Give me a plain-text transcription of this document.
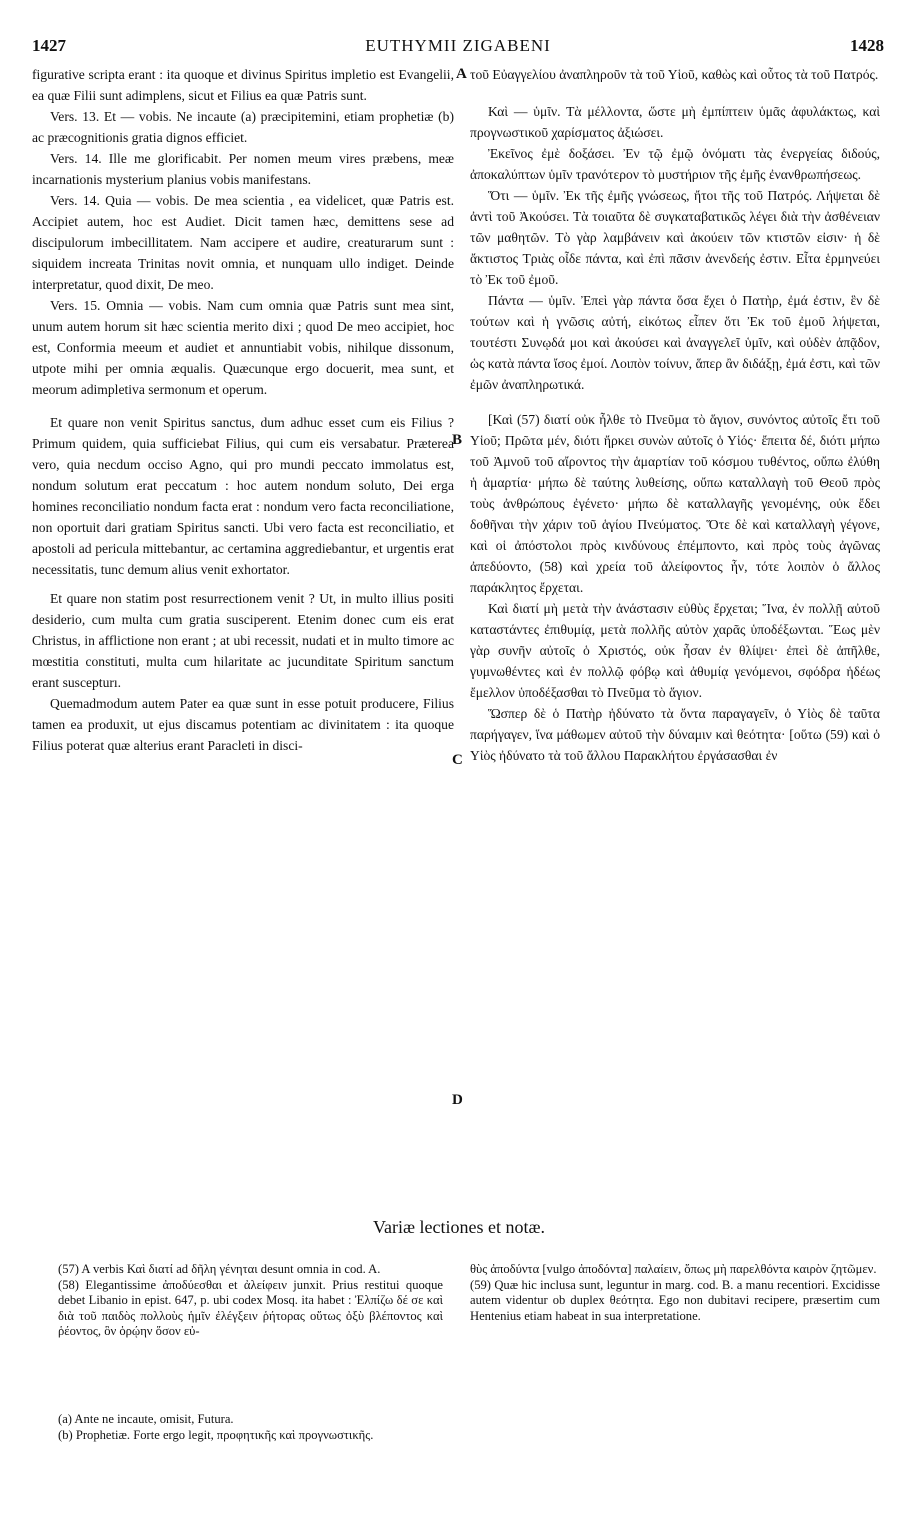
1427	EUTHYMII ZIGABENI	1428

figurative scripta erant : ita quoque et divinus Spiritus impletio est Evangelii, ea quæ Filii sunt adimplens, sicut et Filius ea quæ Patris sunt.

Vers. 13. Et — vobis. Ne incaute (a) præcipitemini, etiam prophetiæ (b) ac præcognitionis gratia dignos efficiet.

Vers. 14. Ille me glorificabit. Per nomen meum vires præbens, meæ incarnationis mysterium planius vobis manifestans.

Vers. 14. Quia — vobis. De mea scientia , ea videlicet, quæ Patris est. Accipiet autem, hoc est Audiet. Dicit tamen hæc, demittens sese ad discipulorum imbecillitatem. Nam accipere et audire, creaturarum sunt : siquidem increata Trinitas novit omnia, et nunquam ullo indiget. Deinde interpretatur, quod dixit, De meo.

Vers. 15. Omnia — vobis. Nam cum omnia quæ Patris sunt mea sint, unum autem horum sit hæc scientia merito dixi ; quod De meo accipiet, hoc est, Conformia meeum et audiet et annuntiabit vobis, nihilque dissonum, utpote mihi per omnia æqualis. Quæcunque ergo docuerit, mea sunt, et meorum adimpletiva sermonum et operum.

Et quare non venit Spiritus sanctus, dum adhuc esset cum eis Filius ? Primum quidem, quia sufficiebat Filius, qui cum eis versabatur. Præterea vero, quia necdum occiso Agno, qui pro mundi peccato immolatus est, nondum solutum erat peccatum : hoc autem nondum soluto, Dei erga homines reconciliatio nondum facta erat : nondum vero facta reconciliatione, non oportuit dari gratiam Spiritus sancti. Ubi vero facta est reconciliatio, et apostoli ad pericula mittebantur, ac certamina aggrediebantur, et urgentis erat necessitatis, tunc demum alius venit exhortator.

Et quare non statim post resurrectionem venit ? Ut, in multo illius positi desiderio, cum multa cum gratia susciperent. Etenim donec cum eis erat Christus, in afflictione non erant ; at ubi recessit, nudati et in multo timore ac mœstitia constituti, multa cum hilaritate ac jucunditate Spiritum sanctum erant suscepturı.

Quemadmodum autem Pater ea quæ sunt in esse potuit producere, Filius tamen ea produxit, ut ejus discamus potentiam ac divinitatem : ita quoque Filius poterat quæ alterius erant Paracleti in disci-

A
B
C
D

τοῦ Εὐαγγελίου ἀναπληροῦν τὰ τοῦ Υἱοῦ, καθὼς καὶ οὗτος τὰ τοῦ Πατρός.

Καὶ — ὑμῖν. Τὰ μέλλοντα, ὥστε μὴ ἐμπίπτειν ὑμᾶς ἀφυλάκτως, καὶ προγνωστικοῦ χαρίσματος ἀξιώσει.

Ἐκεῖνος ἐμὲ δοξάσει. Ἐν τῷ ἐμῷ ὀνόματι τὰς ἐνεργείας διδούς, ἀποκαλύπτων ὑμῖν τρανότερον τὸ μυστήριον τῆς ἐμῆς ἐνανθρωπήσεως.

Ὅτι — ὑμῖν. Ἐκ τῆς ἐμῆς γνώσεως, ἤτοι τῆς τοῦ Πατρός. Λήψεται δὲ ἀντὶ τοῦ Ἀκούσει. Τὰ τοιαῦτα δὲ συγκαταβατικῶς λέγει διὰ τὴν ἀσθένειαν τῶν μαθητῶν. Τὸ γὰρ λαμβάνειν καὶ ἀκούειν τῶν κτιστῶν εἰσιν· ἡ δὲ ἄκτιστος Τριὰς οἶδε πάντα, καὶ ἐπὶ πᾶσιν ἀνενδεής ἐστιν. Εἶτα ἑρμηνεύει τὸ Ἐκ τοῦ ἐμοῦ.

Πάντα — ὑμῖν. Ἐπεὶ γὰρ πάντα ὅσα ἔχει ὁ Πατὴρ, ἐμά ἐστιν, ἓν δὲ τούτων καὶ ἡ γνῶσις αὐτή, εἰκότως εἶπεν ὅτι Ἐκ τοῦ ἐμοῦ λήψεται, τουτέστι Συνῳδά μοι καὶ ἀκούσει καὶ ἀναγγελεῖ ὑμῖν, καὶ οὐδὲν ἀπᾷδον, ὡς κατὰ πάντα ἴσος ἐμοί. Λοιπὸν τοίνυν, ἅπερ ἂν διδάξῃ, ἐμά ἐστι, καὶ τῶν ἐμῶν ἀναπληρωτικά.

[Καὶ (57) διατί οὐκ ἦλθε τὸ Πνεῦμα τὸ ἅγιον, συνόντος αὐτοῖς ἔτι τοῦ Υἱοῦ; Πρῶτα μέν, διότι ἤρκει συνὼν αὐτοῖς ὁ Υἱός· ἔπειτα δέ, διότι μήπω τοῦ Ἀμνοῦ τοῦ αἴροντος τὴν ἁμαρτίαν τοῦ κόσμου τυθέντος, οὔπω ἐλύθη ἡ ἁμαρτία· μήπω δὲ ταύτης λυθείσης, οὔπω καταλλαγὴ τοῦ Θεοῦ πρὸς τοὺς ἀνθρώπους ἐγένετο· μήπω δὲ καταλλαγῆς γενομένης, οὐκ ἔδει δοθῆναι τὴν χάριν τοῦ ἁγίου Πνεύματος. Ὅτε δὲ καὶ καταλλαγὴ γέγονε, καὶ οἱ ἀπόστολοι πρὸς κινδύνους ἐπέμποντο, καὶ πρὸς τοὺς ἀγῶνας ἀπεδύοντο, (58) καὶ χρεία τοῦ ἀλείφοντος ἦν, τότε λοιπὸν ὁ ἄλλος παράκλητος ἔρχεται.

Καὶ διατί μὴ μετὰ τὴν ἀνάστασιν εὐθὺς ἔρχεται; Ἵνα, ἐν πολλῇ αὐτοῦ καταστάντες ἐπιθυμίᾳ, μετὰ πολλῆς αὐτὸν χαρᾶς ὑποδέξωνται. Ἕως μὲν γὰρ συνῆν αὐτοῖς ὁ Χριστός, οὐκ ἦσαν ἐν θλίψει· ἐπεὶ δὲ ἀπῆλθε, γυμνωθέντες καὶ ἐν πολλῷ φόβῳ καὶ ἀθυμίᾳ γενόμενοι, σφόδρα ἡδέως ἔμελλον ὑποδέξασθαι τὸ Πνεῦμα τὸ ἅγιον.

Ὥσπερ δὲ ὁ Πατὴρ ἠδύνατο τὰ ὄντα παραγαγεῖν, ὁ Υἱὸς δὲ ταῦτα παρήγαγεν, ἵνα μάθωμεν αὐτοῦ τὴν δύναμιν καὶ θεότητα· [οὕτω (59) καὶ ὁ Υἱὸς ἠδύνατο τὰ τοῦ ἄλλου Παρακλήτου ἐργάσασθαι ἐν

Variæ lectiones et notæ.
(57) A verbis Καὶ διατί ad δῆλη γένηται desunt omnia in cod. A.
(58) Elegantissime ἀποδύεσθαι et ἀλείφειν junxit. Prius restitui quoque debet Libanio in epist. 647, p. ubi codex Mosq. ita habet : Ἐλπίζω δέ σε καὶ διὰ τοῦ παιδὸς πολλοὺς ἡμῖν ἐλέγξειν ῥήτορας οὕτως ὀξὺ βλέποντος καὶ ῥέοντος, ὃν ὁρῴην ὅσον εὐ-
θὺς ἀποδύντα [vulgo ἀποδόντα] παλαίειν, ὅπως μὴ παρελθόντα καιρὸν ζητῶμεν.
(59) Quæ hic inclusa sunt, leguntur in marg. cod. B. a manu recentiori. Excidisse autem videntur ob duplex θεότητα. Ego non dubitavi recipere, præsertim cum Hentenius etiam habeat in sua interpretatione.
(a) Ante ne incaute, omisit, Futura.
(b) Prophetiæ. Forte ergo legit, προφητικῆς καὶ προγνωστικῆς.
